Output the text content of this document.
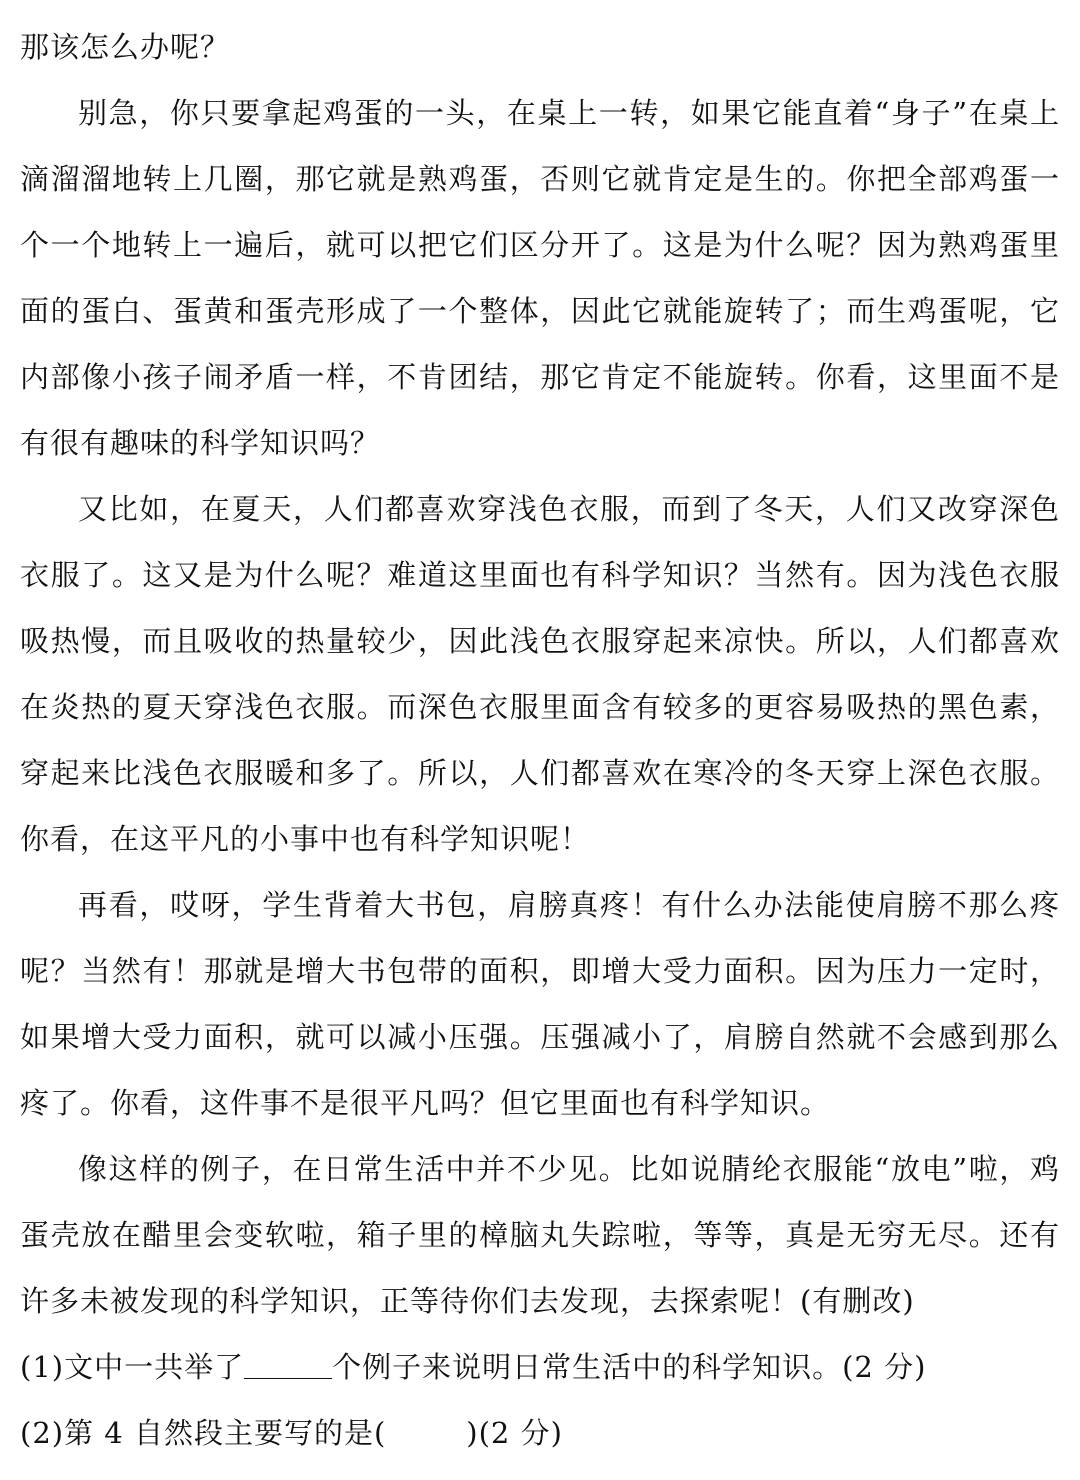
那该怎么办呢？

别急，你只要拿起鸡蛋的一头，在桌上一转，如果它能直着“身子”在桌上滴溜溜地转上几圈，那它就是熟鸡蛋，否则它就肯定是生的。你把全部鸡蛋一个一个地转上一遍后，就可以把它们区分开了。这是为什么呢？因为熟鸡蛋里面的蛋白、蛋黄和蛋壳形成了一个整体，因此它就能旋转了；而生鸡蛋呢，它内部像小孩子闹矛盾一样，不肯团结，那它肯定不能旋转。你看，这里面不是有很有趣味的科学知识吗？

又比如，在夏天，人们都喜欢穿浅色衣服，而到了冬天，人们又改穿深色衣服了。这又是为什么呢？难道这里面也有科学知识？当然有。因为浅色衣服吸热慢，而且吸收的热量较少，因此浅色衣服穿起来凉快。所以，人们都喜欢在炎热的夏天穿浅色衣服。而深色衣服里面含有较多的更容易吸热的黑色素，穿起来比浅色衣服暖和多了。所以，人们都喜欢在寒冷的冬天穿上深色衣服。你看，在这平凡的小事中也有科学知识呢！

再看，哎呀，学生背着大书包，肩膀真疼！有什么办法能使肩膀不那么疼呢？当然有！那就是增大书包带的面积，即增大受力面积。因为压力一定时，如果增大受力面积，就可以减小压强。压强减小了，肩膀自然就不会感到那么疼了。你看，这件事不是很平凡吗？但它里面也有科学知识。

像这样的例子，在日常生活中并不少见。比如说腈纶衣服能“放电”啦，鸡蛋壳放在醋里会变软啦，箱子里的樟脑丸失踪啦，等等，真是无穷无尽。还有许多未被发现的科学知识，正等待你们去发现，去探索呢！(有删改)

(1)文中一共举了	个例子来说明日常生活中的科学知识。(2 分)

(2)第 4 自然段主要写的是(	)(2 分)
